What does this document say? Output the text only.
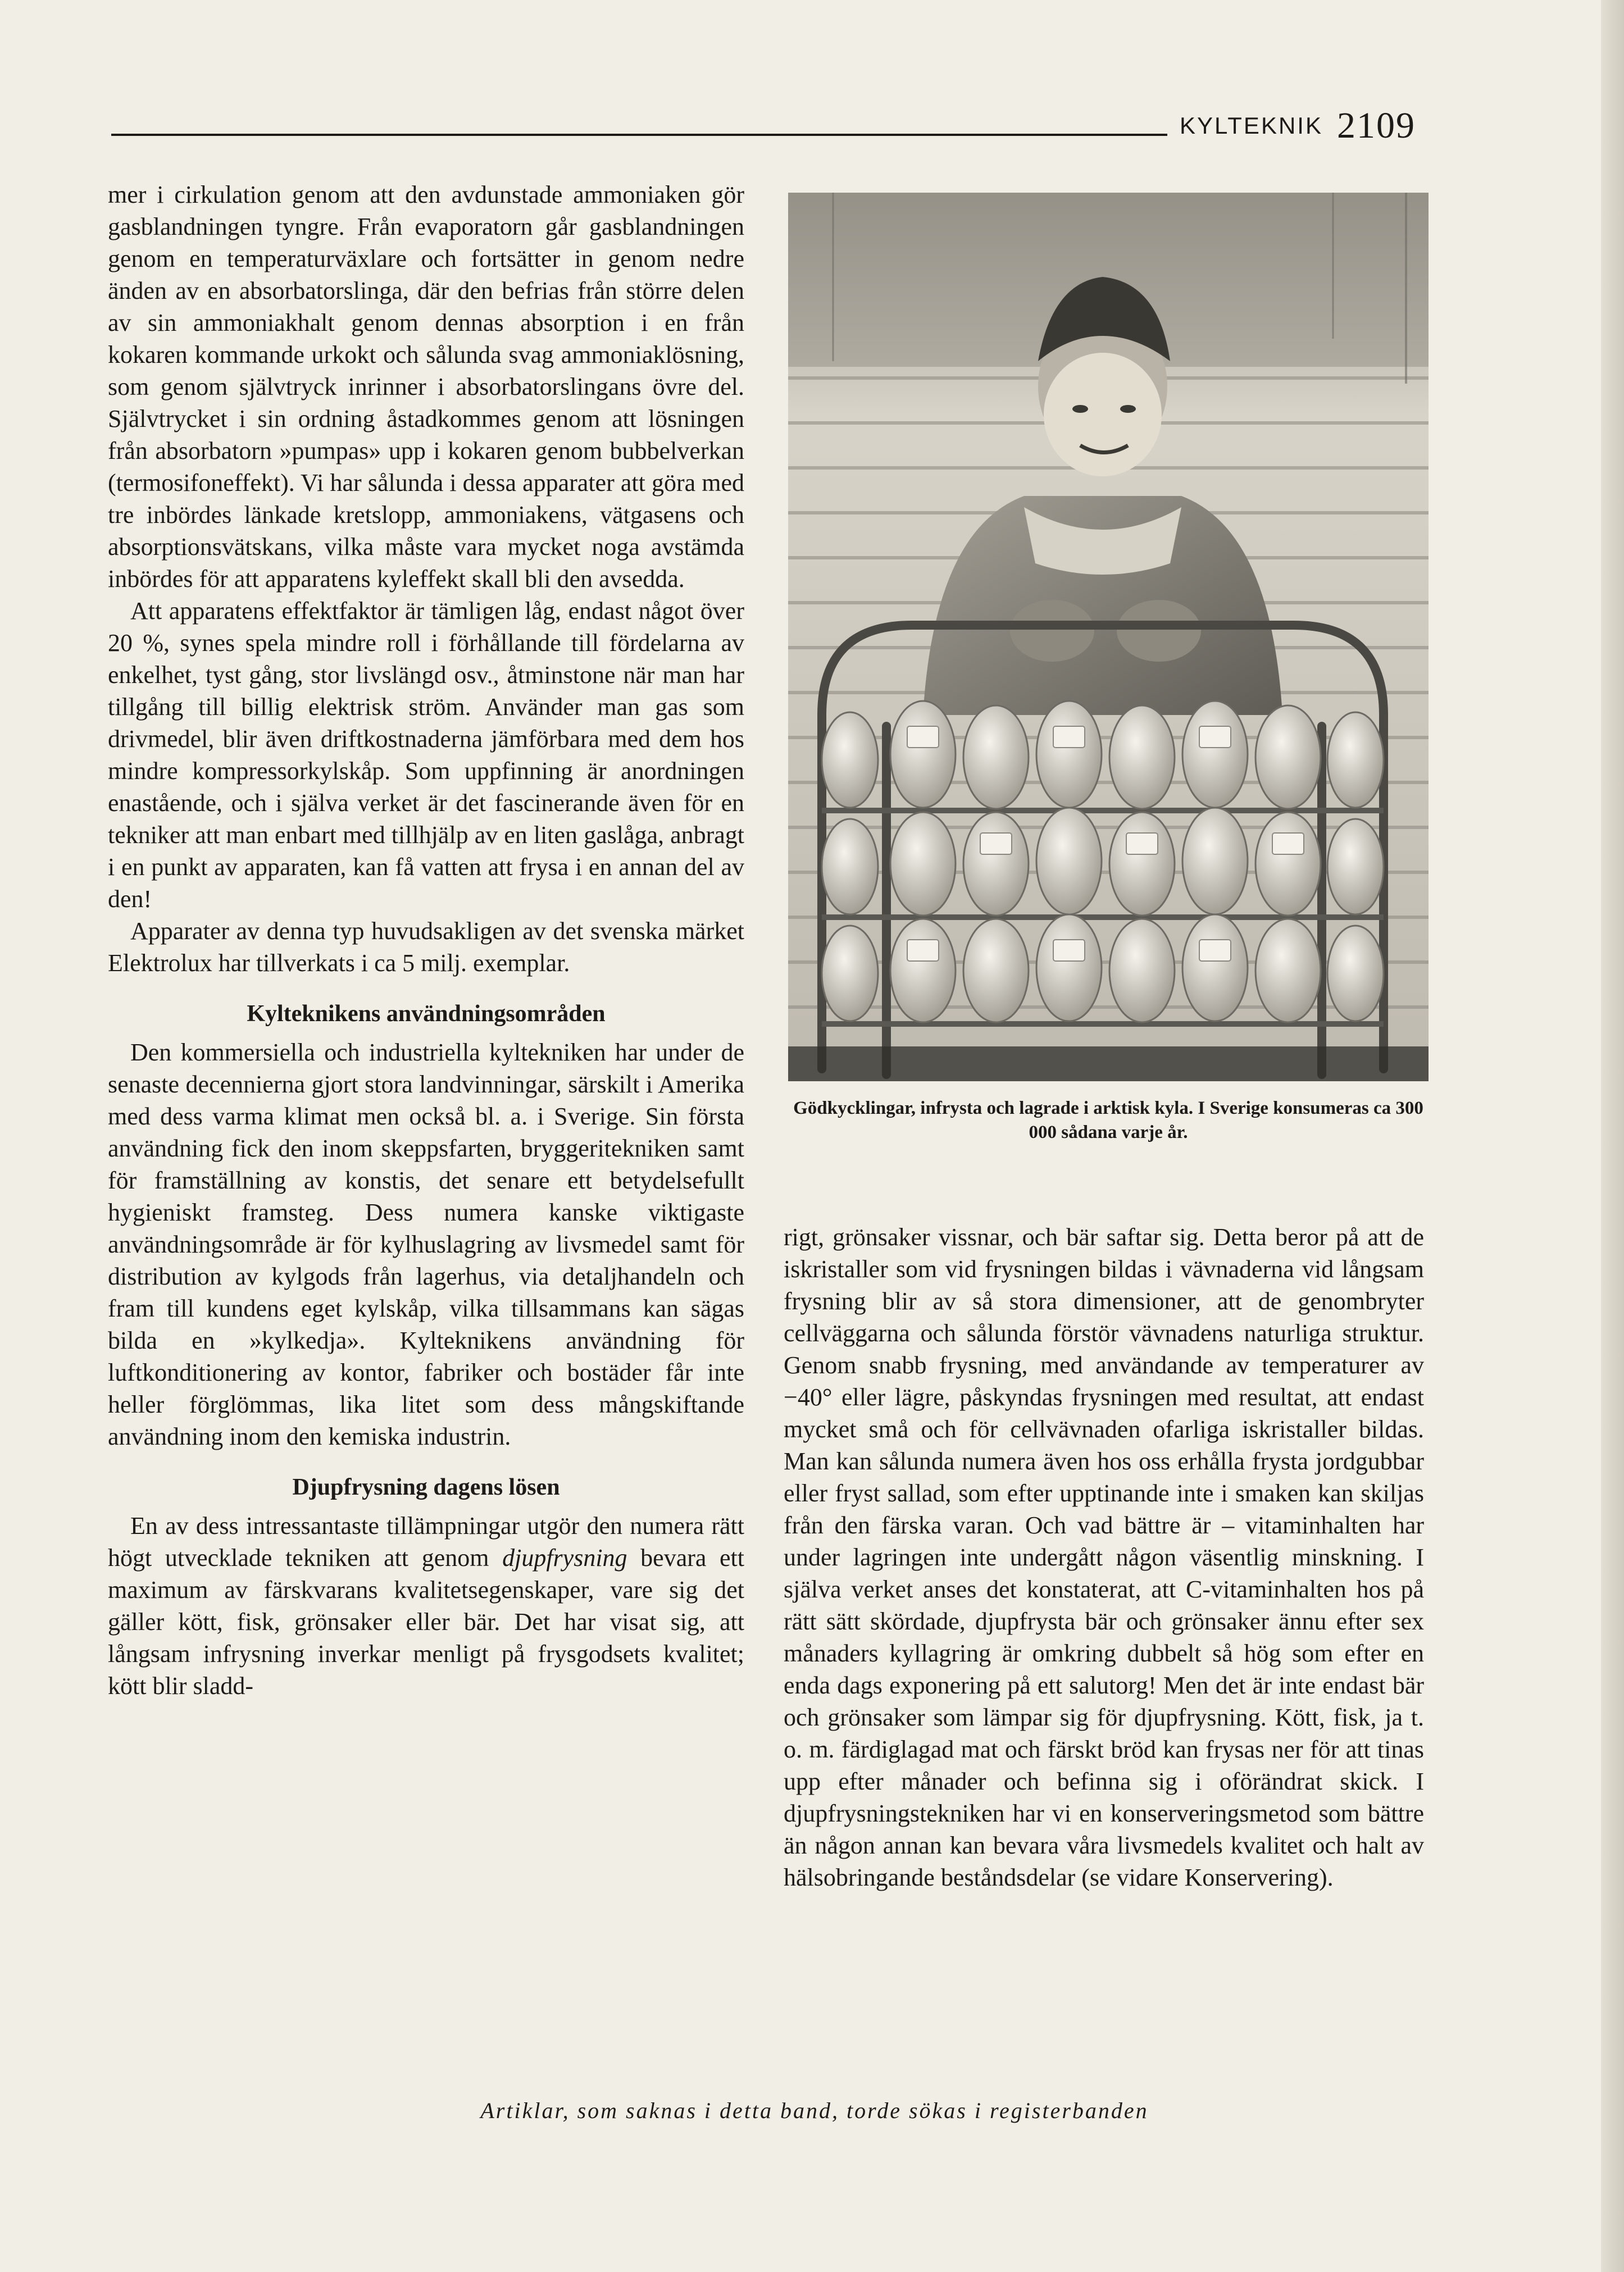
KYLTEKNIK 2109

mer i cirkulation genom att den avdunstade ammoniaken gör gasblandningen tyngre. Från evaporatorn går gasblandningen genom en temperaturväxlare och fortsätter in genom nedre änden av en absorbatorslinga, där den befrias från större delen av sin ammoniakhalt genom dennas absorption i en från kokaren kommande urkokt och sålunda svag ammoniaklösning, som genom självtryck inrinner i absorbatorslingans övre del. Självtrycket i sin ordning åstadkommes genom att lösningen från absorbatorn »pumpas» upp i kokaren genom bubbelverkan (termosifoneffekt). Vi har sålunda i dessa apparater att göra med tre inbördes länkade kretslopp, ammoniakens, vätgasens och absorptionsvätskans, vilka måste vara mycket noga avstämda inbördes för att apparatens kyleffekt skall bli den avsedda.

Att apparatens effektfaktor är tämligen låg, endast något över 20 %, synes spela mindre roll i förhållande till fördelarna av enkelhet, tyst gång, stor livslängd osv., åtminstone när man har tillgång till billig elektrisk ström. Använder man gas som drivmedel, blir även driftkostnaderna jämförbara med dem hos mindre kompressorkylskåp. Som uppfinning är anordningen enastående, och i själva verket är det fascinerande även för en tekniker att man enbart med tillhjälp av en liten gaslåga, anbragt i en punkt av apparaten, kan få vatten att frysa i en annan del av den!

Apparater av denna typ huvudsakligen av det svenska märket Elektrolux har tillverkats i ca 5 milj. exemplar.

Kylteknikens användningsområden

Den kommersiella och industriella kyltekniken har under de senaste decennierna gjort stora landvinningar, särskilt i Amerika med dess varma klimat men också bl. a. i Sverige. Sin första användning fick den inom skeppsfarten, bryggeritekniken samt för framställning av konstis, det senare ett betydelsefullt hygieniskt framsteg. Dess numera kanske viktigaste användningsområde är för kylhuslagring av livsmedel samt för distribution av kylgods från lagerhus, via detaljhandeln och fram till kundens eget kylskåp, vilka tillsammans kan sägas bilda en »kylkedja». Kylteknikens användning för luftkonditionering av kontor, fabriker och bostäder får inte heller förglömmas, lika litet som dess mångskiftande användning inom den kemiska industrin.

Djupfrysning dagens lösen

En av dess intressantaste tillämpningar utgör den numera rätt högt utvecklade tekniken att genom djupfrysning bevara ett maximum av färskvarans kvalitetsegenskaper, vare sig det gäller kött, fisk, grönsaker eller bär. Det har visat sig, att långsam infrysning inverkar menligt på frysgodsets kvalitet; kött blir sladd-

Gödkycklingar, infrysta och lagrade i arktisk kyla. I Sverige konsumeras ca 300 000 sådana varje år.

rigt, grönsaker vissnar, och bär saftar sig. Detta beror på att de iskristaller som vid frysningen bildas i vävnaderna vid långsam frysning blir av så stora dimensioner, att de genombryter cellväggarna och sålunda förstör vävnadens naturliga struktur. Genom snabb frysning, med användande av temperaturer av −40° eller lägre, påskyndas frysningen med resultat, att endast mycket små och för cellvävnaden ofarliga iskristaller bildas. Man kan sålunda numera även hos oss erhålla frysta jordgubbar eller fryst sallad, som efter upptinande inte i smaken kan skiljas från den färska varan. Och vad bättre är – vitaminhalten har under lagringen inte undergått någon väsentlig minskning. I själva verket anses det konstaterat, att C-vitaminhalten hos på rätt sätt skördade, djupfrysta bär och grönsaker ännu efter sex månaders kyllagring är omkring dubbelt så hög som efter en enda dags exponering på ett salutorg! Men det är inte endast bär och grönsaker som lämpar sig för djupfrysning. Kött, fisk, ja t. o. m. färdiglagad mat och färskt bröd kan frysas ner för att tinas upp efter månader och befinna sig i oförändrat skick. I djupfrysningstekniken har vi en konserveringsmetod som bättre än någon annan kan bevara våra livsmedels kvalitet och halt av hälsobringande beståndsdelar (se vidare Konservering).

Artiklar, som saknas i detta band, torde sökas i registerbanden
